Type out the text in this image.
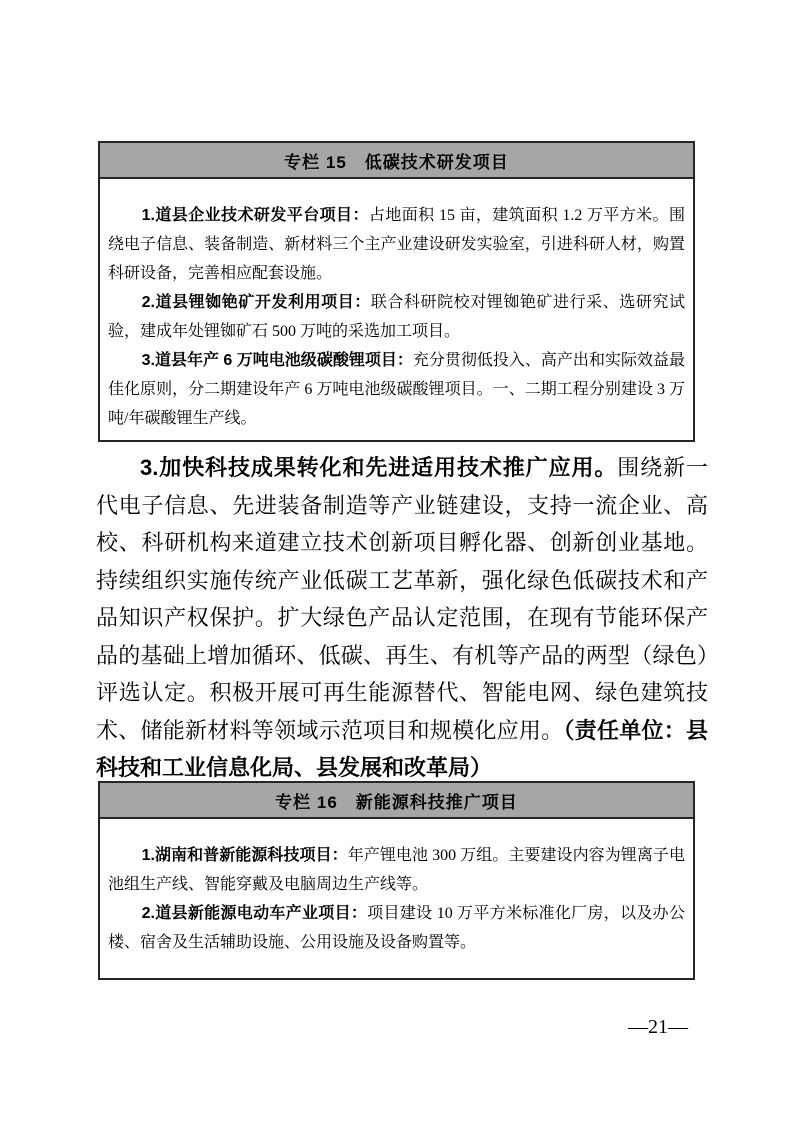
专栏 15　低碳技术研发项目

1.道县企业技术研发平台项目：占地面积 15 亩，建筑面积 1.2 万平方米。围绕电子信息、装备制造、新材料三个主产业建设研发实验室，引进科研人材，购置科研设备，完善相应配套设施。

2.道县锂铷铯矿开发利用项目：联合科研院校对锂铷铯矿进行采、选研究试验，建成年处锂铷矿石 500 万吨的采选加工项目。

3.道县年产 6 万吨电池级碳酸锂项目：充分贯彻低投入、高产出和实际效益最佳化原则，分二期建设年产 6 万吨电池级碳酸锂项目。一、二期工程分别建设 3 万吨/年碳酸锂生产线。

3.加快科技成果转化和先进适用技术推广应用。围绕新一代电子信息、先进装备制造等产业链建设，支持一流企业、高校、科研机构来道建立技术创新项目孵化器、创新创业基地。持续组织实施传统产业低碳工艺革新，强化绿色低碳技术和产品知识产权保护。扩大绿色产品认定范围，在现有节能环保产品的基础上增加循环、低碳、再生、有机等产品的两型（绿色）评选认定。积极开展可再生能源替代、智能电网、绿色建筑技术、储能新材料等领域示范项目和规模化应用。（责任单位：县科技和工业信息化局、县发展和改革局）

专栏 16　新能源科技推广项目

1.湖南和普新能源科技项目：年产锂电池 300 万组。主要建设内容为锂离子电池组生产线、智能穿戴及电脑周边生产线等。

2.道县新能源电动车产业项目：项目建设 10 万平方米标准化厂房，以及办公楼、宿舍及生活辅助设施、公用设施及设备购置等。

—21—
